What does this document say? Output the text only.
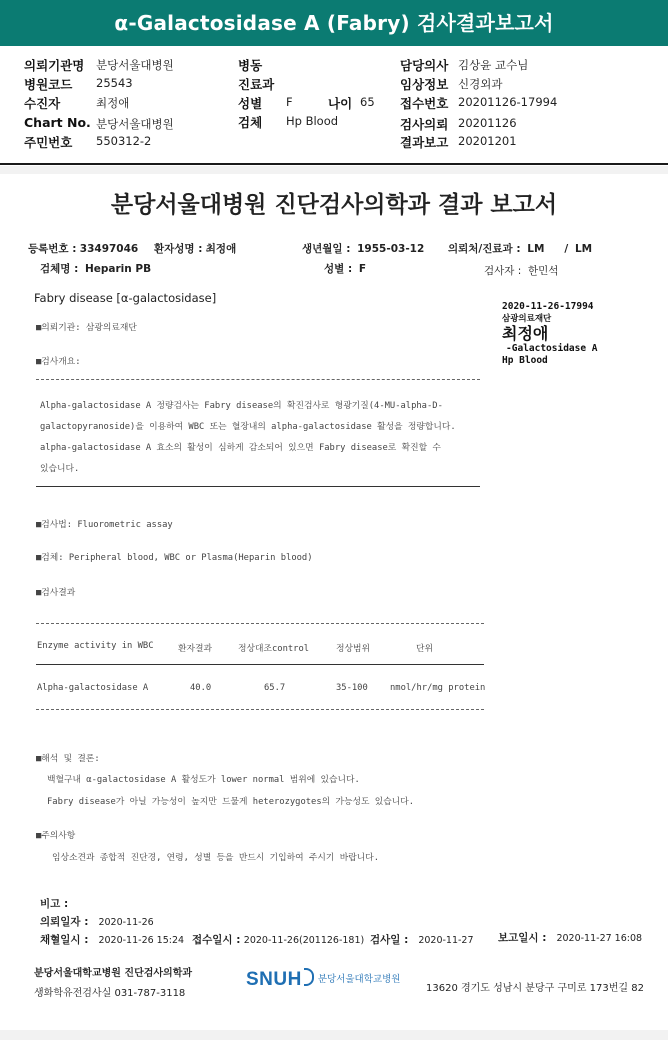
α-Galactosidase A (Fabry) 검사결과보고서
의뢰기관명 분당서울대병원
병원코드 25543
수진자	최정애
Chart No. 분당서울대병원
주민번호 550312-2
병동
진료과
성별 F	나이 65
검체 Hp Blood
담당의사 김상윤 교수님
임상정보 신경외과
접수번호 20201126-17994
검사의뢰 20201126
결과보고 20201201
분당서울대병원 진단검사의학과 결과 보고서
등록번호 : 33497046 환자성명 : 최정애	생년월일 : 1955-03-12 의뢰처/진료과 : LM / LM
검체명 : Heparin PB	성별 : F	검사자 : 한민석
Fabry disease [α-galactosidase]
2020-11-26-17994
삼광의료재단
최정애
-Galactosidase A
Hp Blood
■의뢰기관: 삼광의료재단
■검사개요:
Alpha-galactosidase A 정량검사는 Fabry disease의 확진검사로 형광기질(4-MU-alpha-D-
galactopyranoside)을 이용하여 WBC 또는 혈장내의 alpha-galactosidase 활성을 정량합니다.
alpha-galactosidase A 효소의 활성이 심하게 감소되어 있으면 Fabry disease로 확진할 수
있습니다.
■검사법: Fluorometric assay
■검체: Peripheral blood, WBC or Plasma(Heparin blood)
■검사결과
Enzyme activity in WBC	환자결과	정상대조control	정상범위	단위
Alpha-galactosidase A	40.0	65.7	35-100	nmol/hr/mg protein
■해석 및 결론:
백혈구내 α-galactosidase A 활성도가 lower normal 범위에 있습니다.
Fabry disease가 아닐 가능성이 높지만 드물게 heterozygotes의 가능성도 있습니다.
■주의사항
임상소견과 종합적 진단경, 연령, 성별 등을 반드시 기입하여 주시기 바랍니다.
비고 :
의뢰일자 : 2020-11-26
채혈일시 : 2020-11-26 15:24 접수일시 : 2020-11-26(201126-181) 검사일 : 2020-11-27 보고일시 : 2020-11-27 16:08
분당서울대학교병원 진단검사의학과
생화학유전검사실 031-787-3118
SNUH 분당서울대학교병원
13620 경기도 성남시 분당구 구미로 173번길 82
